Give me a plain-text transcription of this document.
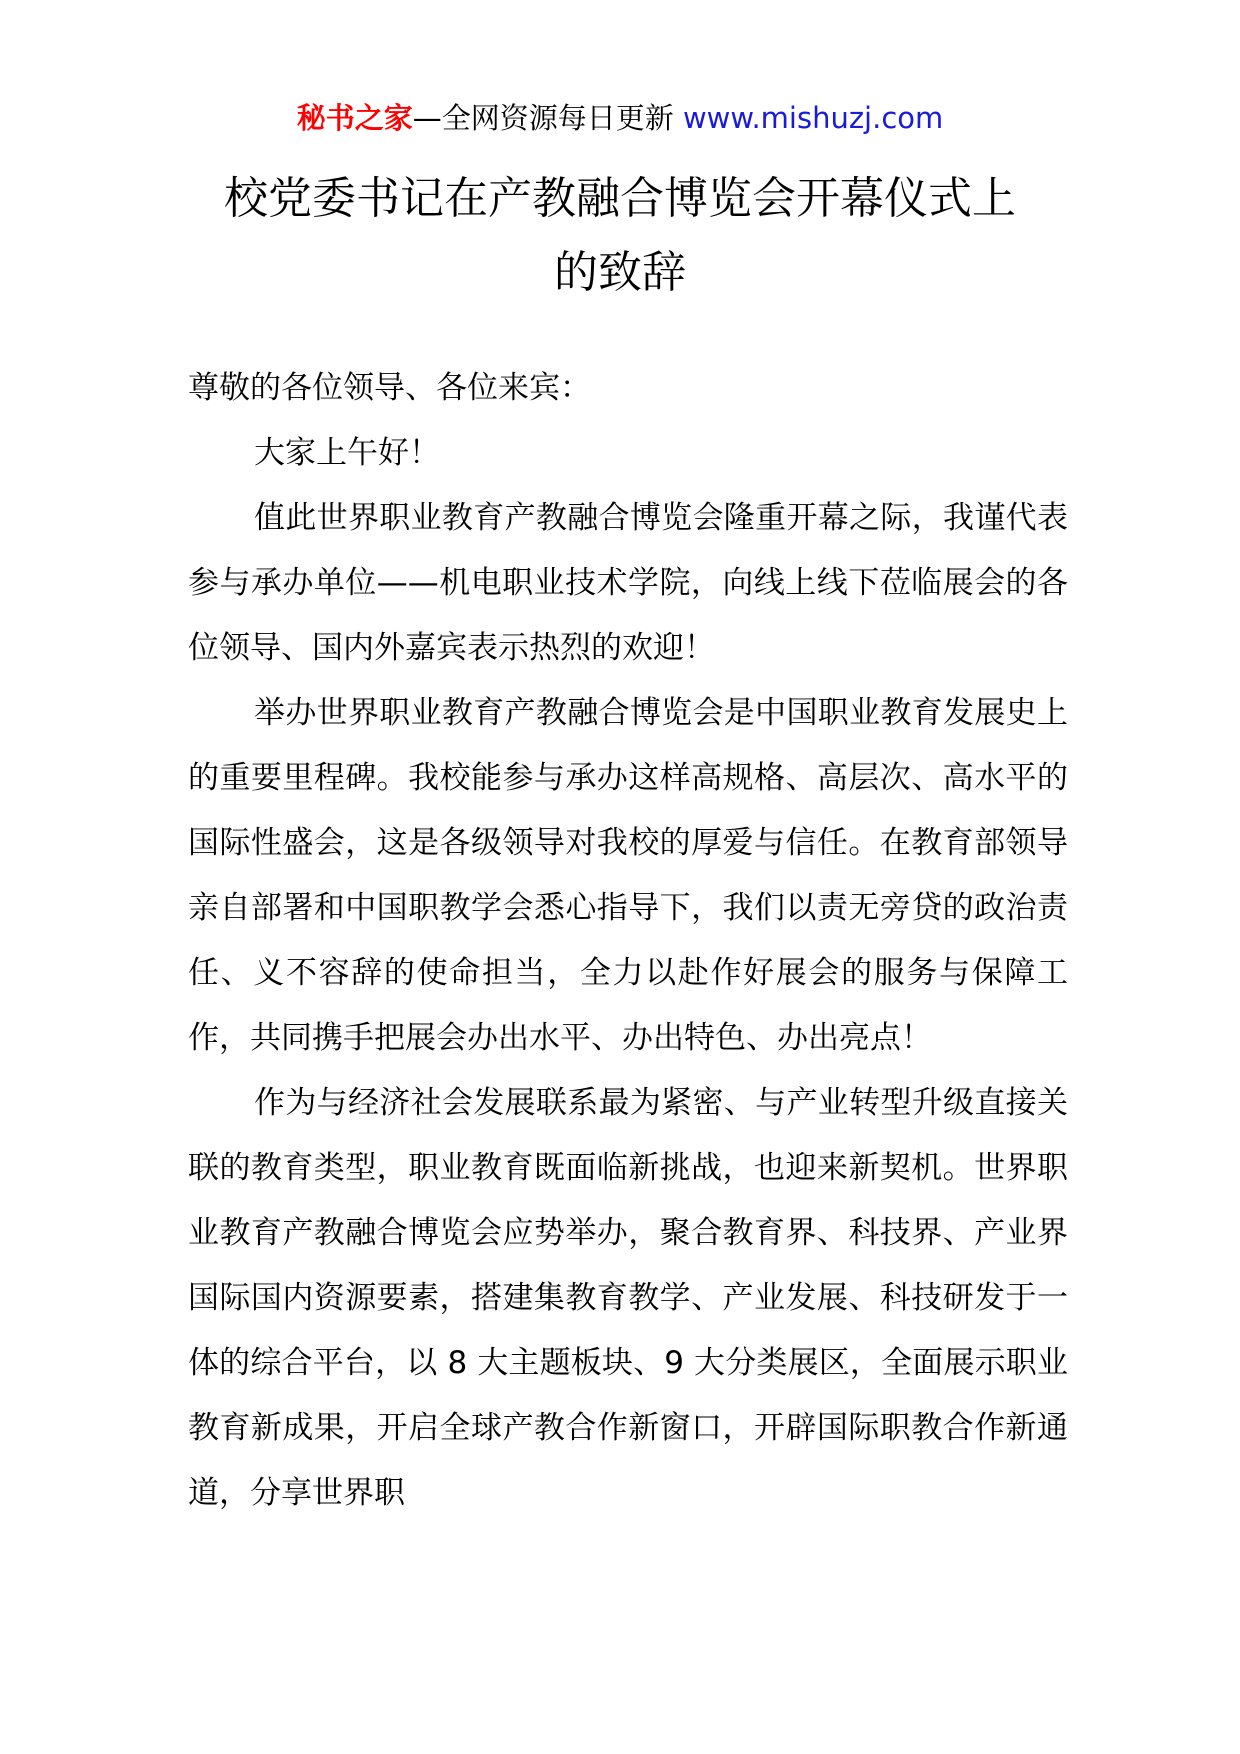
秘书之家—全网资源每日更新 www.mishuzj.com
校党委书记在产教融合博览会开幕仪式上
的致辞

尊敬的各位领导、各位来宾：

大家上午好！

值此世界职业教育产教融合博览会隆重开幕之际，我谨代表参与承办单位——机电职业技术学院，向线上线下莅临展会的各位领导、国内外嘉宾表示热烈的欢迎！

举办世界职业教育产教融合博览会是中国职业教育发展史上的重要里程碑。我校能参与承办这样高规格、高层次、高水平的国际性盛会，这是各级领导对我校的厚爱与信任。在教育部领导亲自部署和中国职教学会悉心指导下，我们以责无旁贷的政治责任、义不容辞的使命担当，全力以赴作好展会的服务与保障工作，共同携手把展会办出水平、办出特色、办出亮点！

作为与经济社会发展联系最为紧密、与产业转型升级直接关联的教育类型，职业教育既面临新挑战，也迎来新契机。世界职业教育产教融合博览会应势举办，聚合教育界、科技界、产业界国际国内资源要素，搭建集教育教学、产业发展、科技研发于一体的综合平台，以 8 大主题板块、9 大分类展区，全面展示职业教育新成果，开启全球产教合作新窗口，开辟国际职教合作新通道，分享世界职
